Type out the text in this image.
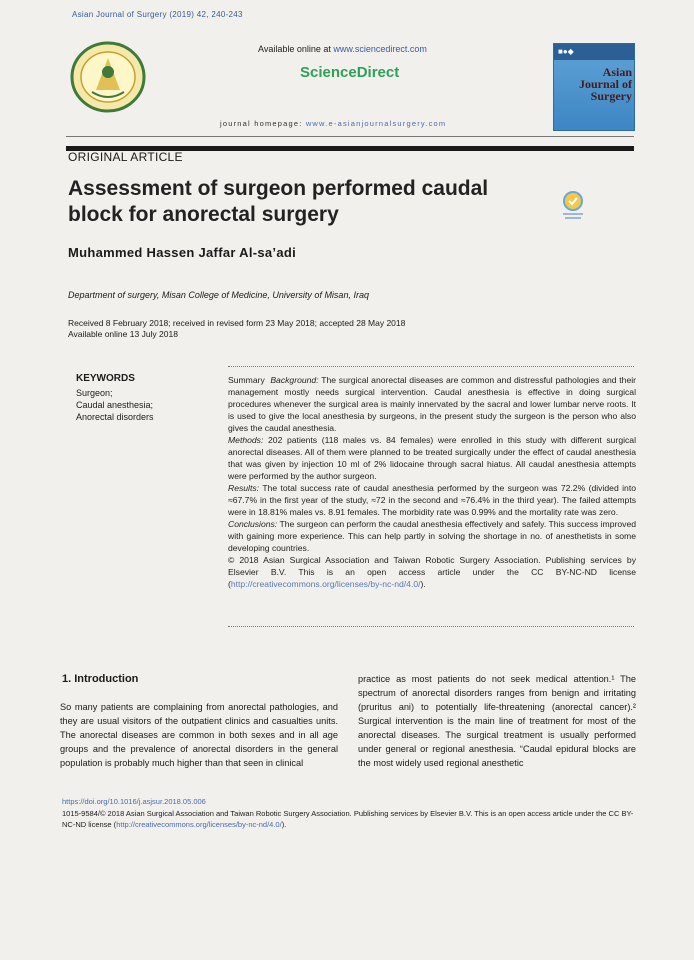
Asian Journal of Surgery (2019) 42, 240-243
Available online at www.sciencedirect.com
ScienceDirect
journal homepage: www.e-asianjournalsurgery.com
■●◆
Asian
Journal of
Surgery
ORIGINAL ARTICLE
Assessment of surgeon performed caudal
block for anorectal surgery
Muhammed Hassen Jaffar Al-sa’adi
Department of surgery, Misan College of Medicine, University of Misan, Iraq
Received 8 February 2018; received in revised form 23 May 2018; accepted 28 May 2018
Available online 13 July 2018
KEYWORDS
Surgeon;
Caudal anesthesia;
Anorectal disorders

Summary Background: The surgical anorectal diseases are common and distressful pathologies and their management mostly needs surgical intervention. Caudal anesthesia is effective in doing surgical procedures whenever the surgical area is mainly innervated by the sacral and lower lumbar nerve roots. It is used to give the local anesthesia by surgeons, in the present study the surgeon is the person who also gives the caudal anesthesia.

Methods: 202 patients (118 males vs. 84 females) were enrolled in this study with different surgical anorectal diseases. All of them were planned to be treated surgically under the effect of caudal anesthesia that was given by injection 10 ml of 2% lidocaine through sacral hiatus. All caudal anesthesia attempts were performed by the author surgeon.

Results: The total success rate of caudal anesthesia performed by the surgeon was 72.2% (divided into ≈67.7% in the first year of the study, ≈72 in the second and ≈76.4% in the third year). The failed attempts were in 18.81% males vs. 8.91 females. The morbidity rate was 0.99% and the mortality rate was zero.

Conclusions: The surgeon can perform the caudal anesthesia effectively and safely. This success improved with gaining more experience. This can help partly in solving the shortage in no. of anesthetists in some developing countries.

© 2018 Asian Surgical Association and Taiwan Robotic Surgery Association. Publishing services by Elsevier B.V. This is an open access article under the CC BY-NC-ND license (http://creativecommons.org/licenses/by-nc-nd/4.0/).

1. Introduction
So many patients are complaining from anorectal pathologies, and they are usual visitors of the outpatient clinics and casualties units. The anorectal diseases are common in both sexes and in all age groups and the prevalence of anorectal disorders in the general population is probably much higher than that seen in clinical
practice as most patients do not seek medical attention.¹ The spectrum of anorectal disorders ranges from benign and irritating (pruritus ani) to potentially life-threatening (anorectal cancer).² Surgical intervention is the main line of treatment for most of the anorectal diseases. The surgical treatment is usually performed under general or regional anesthesia. “Caudal epidural blocks are the most widely used regional anesthetic
https://doi.org/10.1016/j.asjsur.2018.05.006
1015-9584/© 2018 Asian Surgical Association and Taiwan Robotic Surgery Association. Publishing services by Elsevier B.V. This is an open access article under the CC BY-NC-ND license (http://creativecommons.org/licenses/by-nc-nd/4.0/).
